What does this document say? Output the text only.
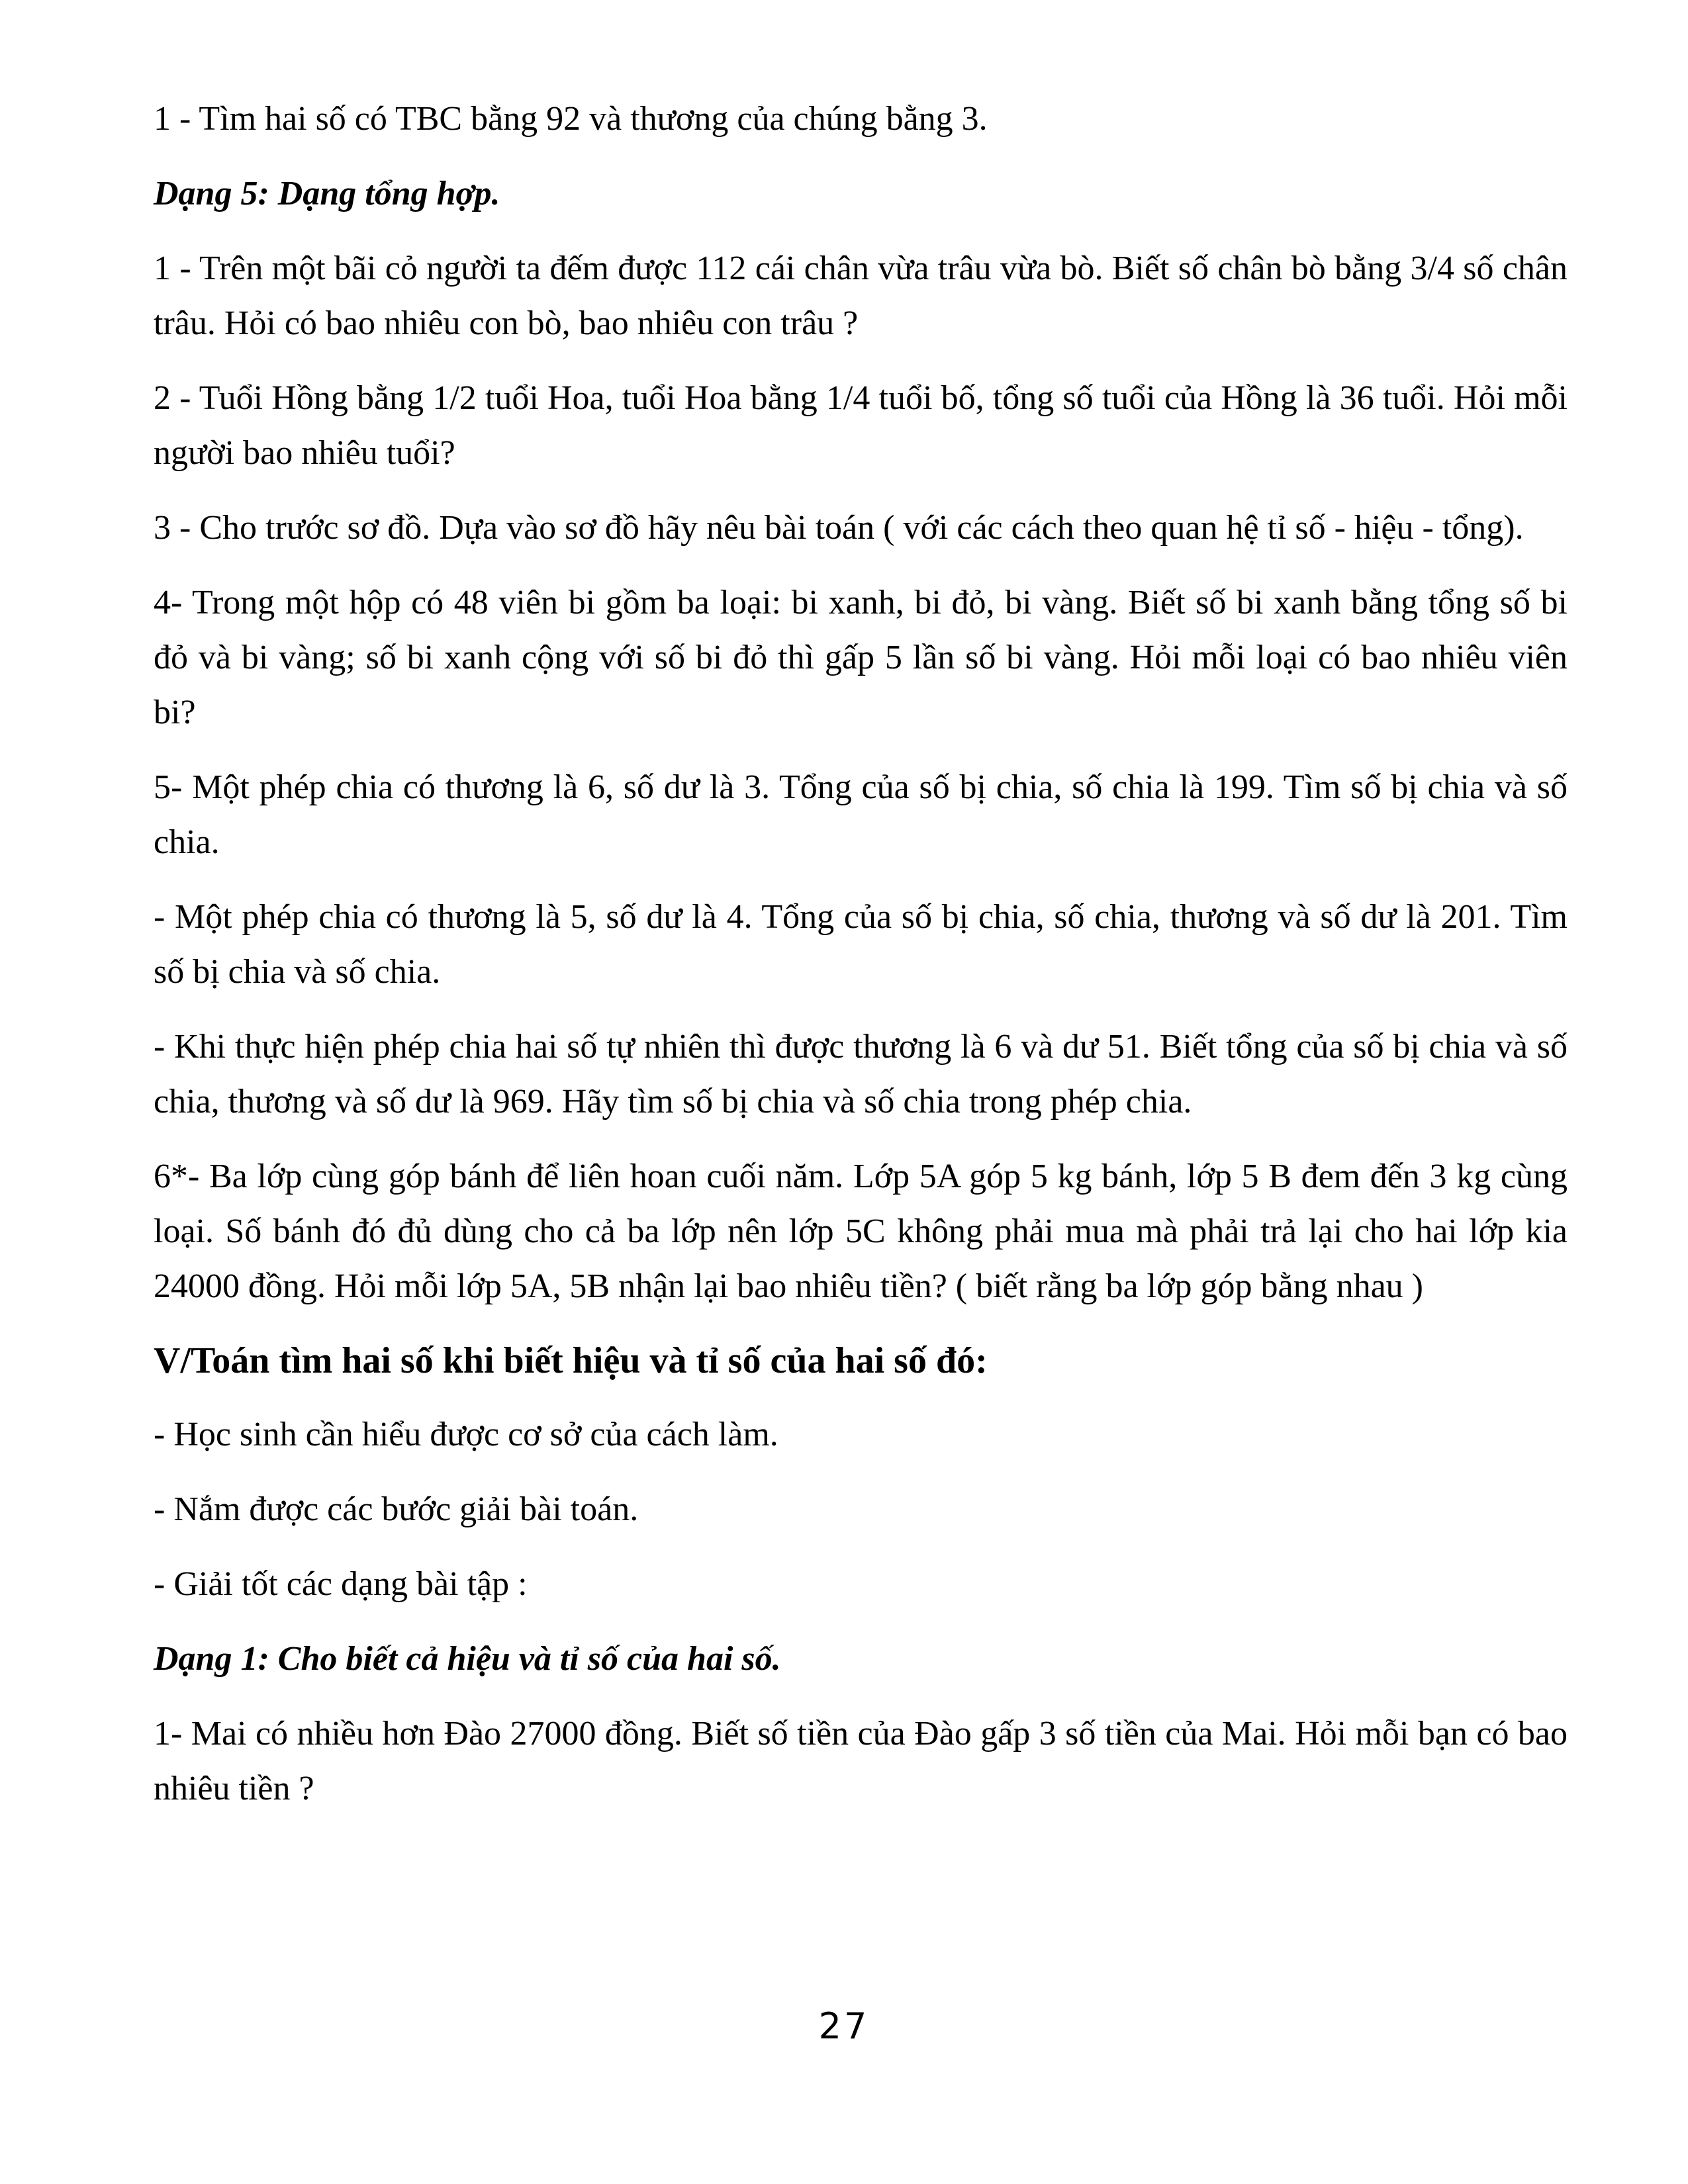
1 - Tìm hai số có TBC bằng 92 và thương của chúng bằng 3.

Dạng 5: Dạng tổng hợp.

1 - Trên một bãi cỏ người ta đếm được 112 cái chân vừa trâu vừa bò. Biết số chân bò bằng 3/4 số chân trâu. Hỏi có bao nhiêu con bò, bao nhiêu con trâu ?

2 - Tuổi Hồng bằng 1/2 tuổi Hoa, tuổi Hoa bằng 1/4 tuổi bố, tổng số tuổi của Hồng là 36 tuổi. Hỏi mỗi người bao nhiêu tuổi?

3 - Cho trước sơ đồ. Dựa vào sơ đồ hãy nêu bài toán ( với các cách theo quan hệ tỉ số - hiệu - tổng).

4- Trong một hộp có 48 viên bi gồm ba loại: bi xanh, bi đỏ, bi vàng. Biết số bi xanh bằng tổng số bi đỏ và bi vàng; số bi xanh cộng với số bi đỏ thì gấp 5 lần số bi vàng. Hỏi mỗi loại có bao nhiêu viên bi?

5- Một phép chia có thương là 6, số dư là 3. Tổng của số bị chia, số chia là 199. Tìm số bị chia và số chia.

- Một phép chia có thương là 5, số dư là 4. Tổng của số bị chia, số chia, thương và số dư là 201. Tìm số bị chia và số chia.

- Khi thực hiện phép chia hai số tự nhiên thì được thương là 6 và dư 51. Biết tổng của số bị chia và số chia, thương và số dư là 969. Hãy tìm số bị chia và số chia trong phép chia.

6*- Ba lớp cùng góp bánh để liên hoan cuối năm. Lớp 5A góp 5 kg bánh, lớp 5 B đem đến 3 kg cùng loại. Số bánh đó đủ dùng cho cả ba lớp nên lớp 5C không phải mua mà phải trả lại cho hai lớp kia 24000 đồng. Hỏi mỗi lớp 5A, 5B nhận lại bao nhiêu tiền? ( biết rằng ba lớp góp bằng nhau )

V/Toán tìm hai số khi biết hiệu và tỉ số của hai số đó:

- Học sinh cần hiểu được cơ sở của cách làm.

- Nắm được các bước giải bài toán.

- Giải tốt các dạng bài tập :

Dạng 1: Cho biết cả hiệu và tỉ số của hai số.

1- Mai có nhiều hơn Đào 27000 đồng. Biết số tiền của Đào gấp 3 số tiền của Mai. Hỏi mỗi bạn có bao nhiêu tiền ?

27
